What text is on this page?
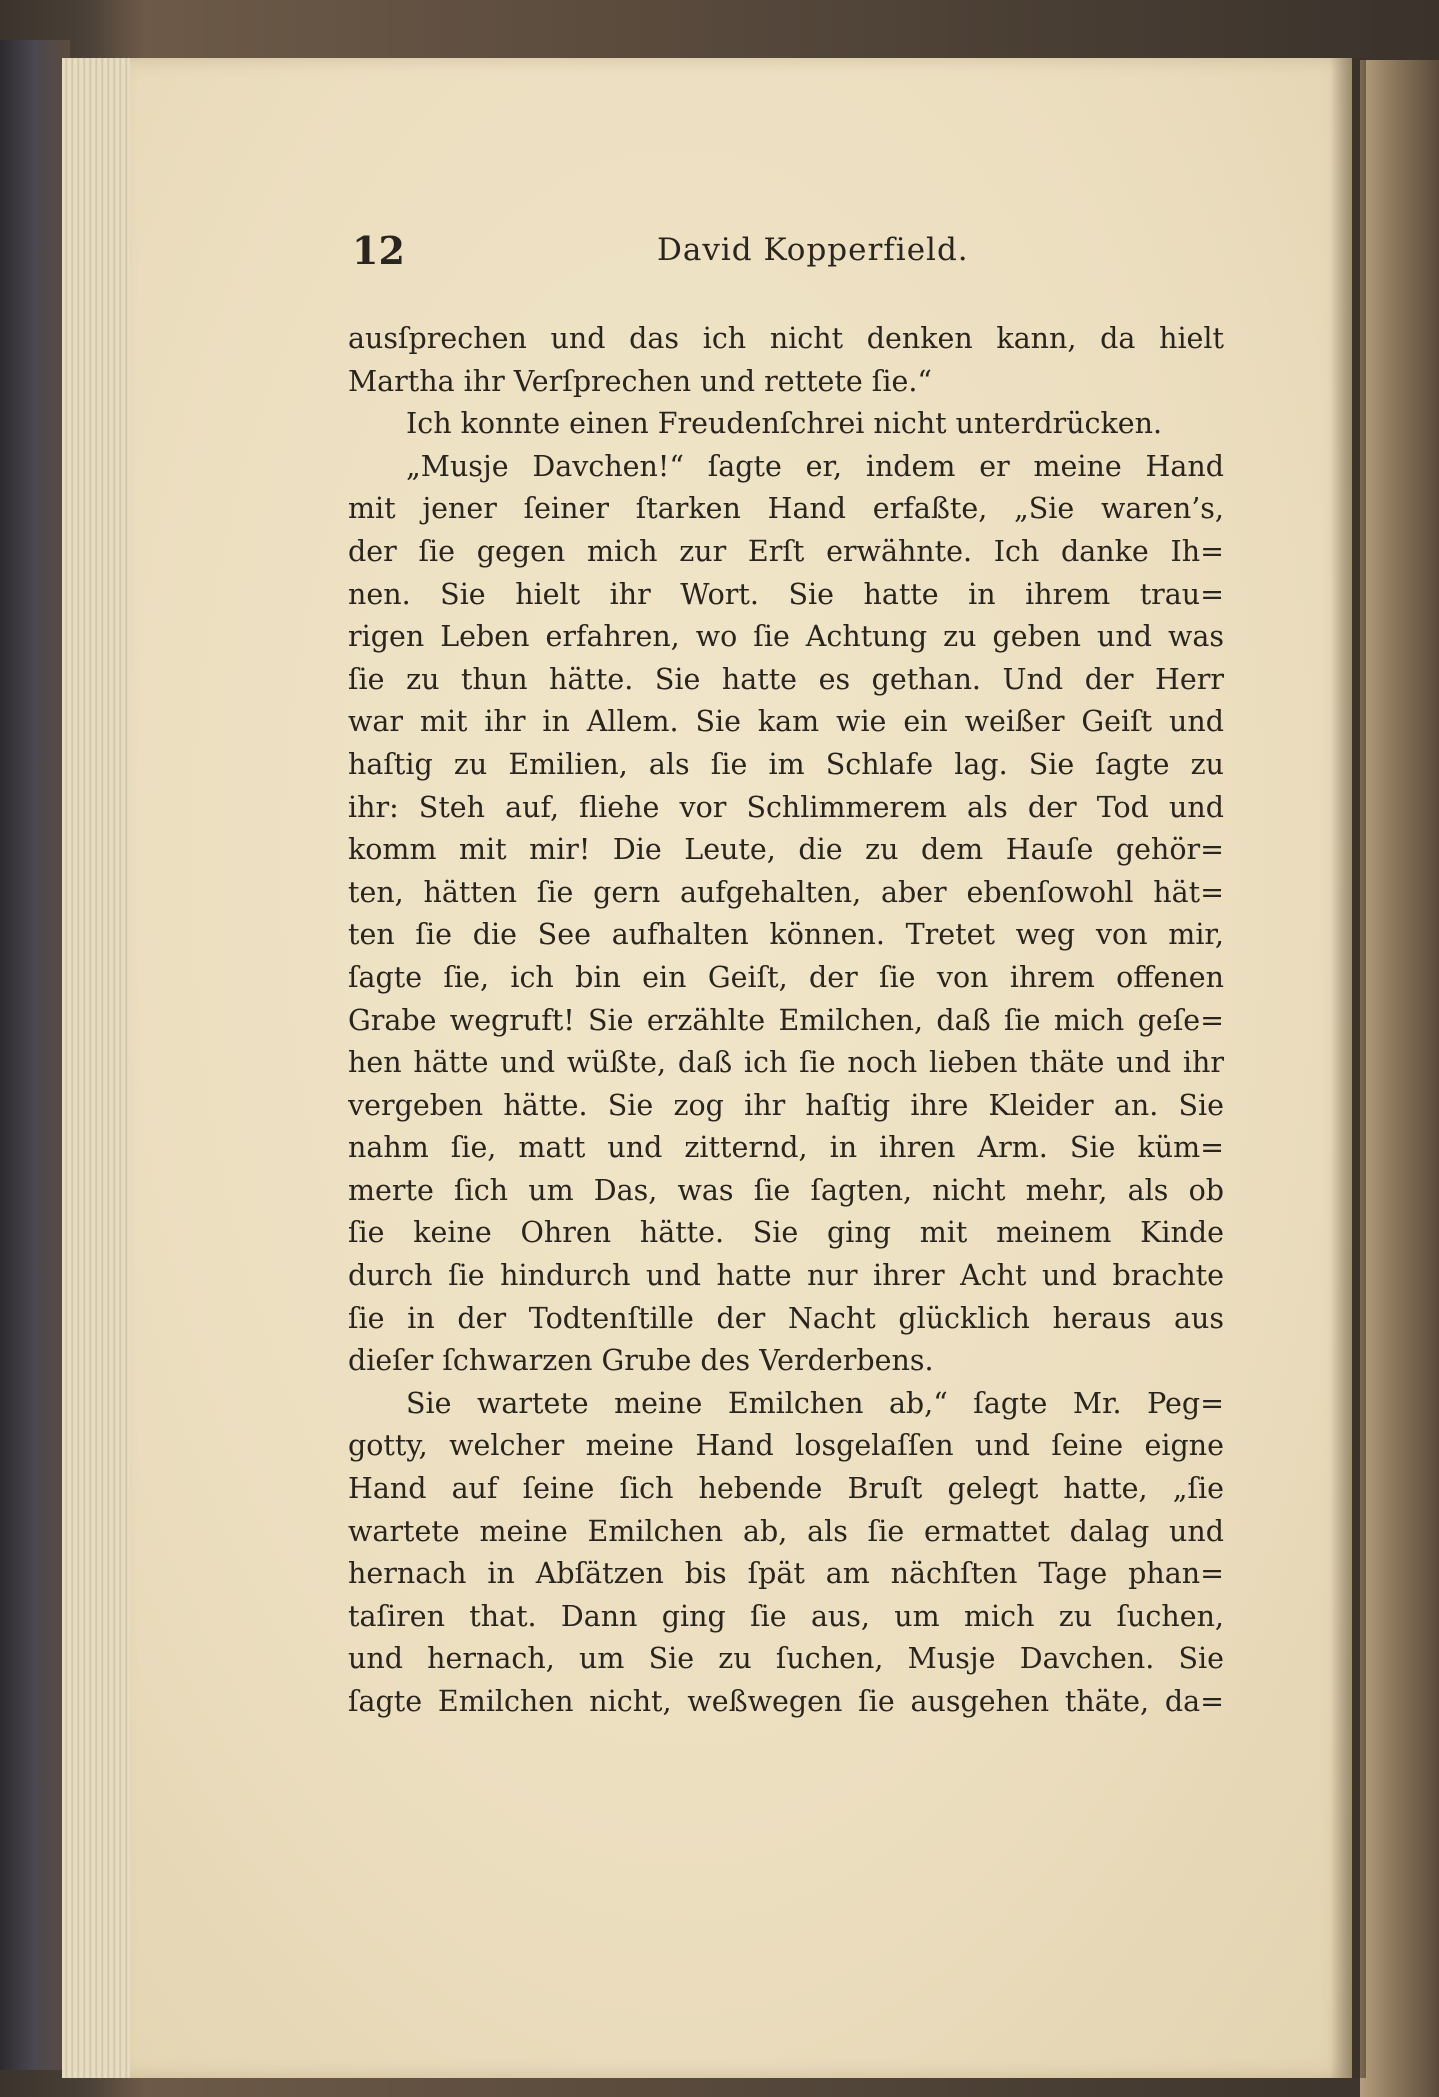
12	David Kopperfield.
ausſprechen und das ich nicht denken kann, da hielt
Martha ihr Verſprechen und rettete ſie.“
Ich konnte einen Freudenſchrei nicht unterdrücken.
„Musje Davchen!“ ſagte er, indem er meine Hand
mit jener ſeiner ſtarken Hand erfaßte, „Sie waren’s,
der ſie gegen mich zur Erſt erwähnte. Ich danke Ih=
nen. Sie hielt ihr Wort. Sie hatte in ihrem trau=
rigen Leben erfahren, wo ſie Achtung zu geben und was
ſie zu thun hätte. Sie hatte es gethan. Und der Herr
war mit ihr in Allem. Sie kam wie ein weißer Geiſt und
haſtig zu Emilien, als ſie im Schlafe lag. Sie ſagte zu
ihr: Steh auf, fliehe vor Schlimmerem als der Tod und
komm mit mir! Die Leute, die zu dem Hauſe gehör=
ten, hätten ſie gern aufgehalten, aber ebenſowohl hät=
ten ſie die See aufhalten können. Tretet weg von mir,
ſagte ſie, ich bin ein Geiſt, der ſie von ihrem offenen
Grabe wegruft! Sie erzählte Emilchen, daß ſie mich geſe=
hen hätte und wüßte, daß ich ſie noch lieben thäte und ihr
vergeben hätte. Sie zog ihr haſtig ihre Kleider an. Sie
nahm ſie, matt und zitternd, in ihren Arm. Sie küm=
merte ſich um Das, was ſie ſagten, nicht mehr, als ob
ſie keine Ohren hätte. Sie ging mit meinem Kinde
durch ſie hindurch und hatte nur ihrer Acht und brachte
ſie in der Todtenſtille der Nacht glücklich heraus aus
dieſer ſchwarzen Grube des Verderbens.
Sie wartete meine Emilchen ab,“ ſagte Mr. Peg=
gotty, welcher meine Hand losgelaſſen und ſeine eigne
Hand auf ſeine ſich hebende Bruſt gelegt hatte, „ſie
wartete meine Emilchen ab, als ſie ermattet dalag und
hernach in Abſätzen bis ſpät am nächſten Tage phan=
taſiren that. Dann ging ſie aus, um mich zu ſuchen,
und hernach, um Sie zu ſuchen, Musje Davchen. Sie
ſagte Emilchen nicht, weßwegen ſie ausgehen thäte, da=
